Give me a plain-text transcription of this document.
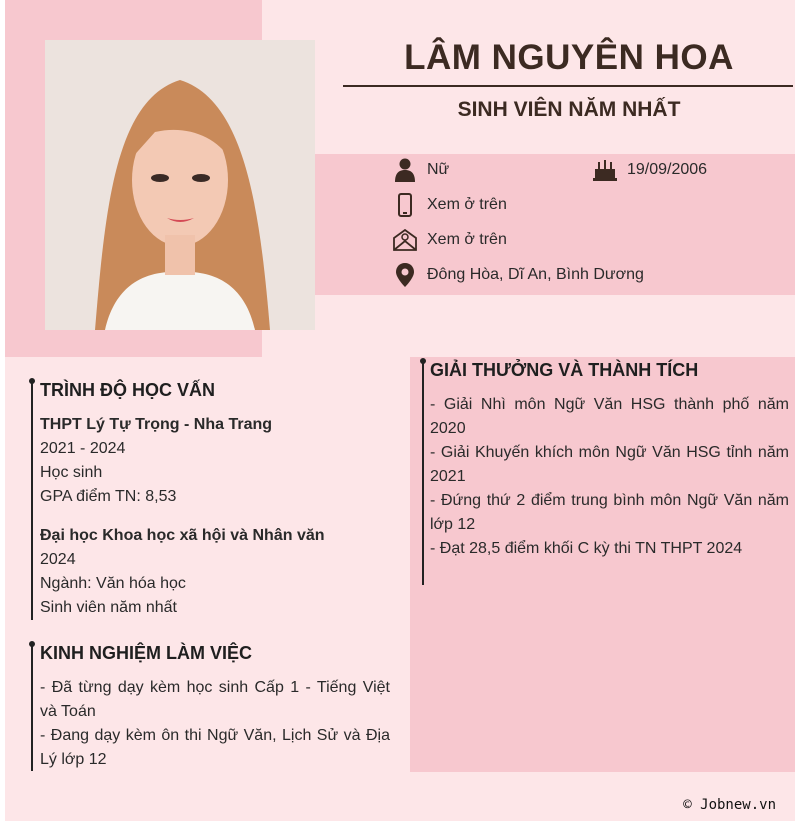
LÂM NGUYÊN HOA
SINH VIÊN NĂM NHẤT
Nữ	19/09/2006
Xem ở trên
Xem ở trên
Đông Hòa, Dĩ An, Bình Dương
TRÌNH ĐỘ HỌC VẤN
THPT Lý Tự Trọng - Nha Trang
2021 - 2024
Học sinh
GPA điểm TN: 8,53
Đại học Khoa học xã hội và Nhân văn
2024
Ngành: Văn hóa học
Sinh viên năm nhất
KINH NGHIỆM LÀM VIỆC
- Đã từng dạy kèm học sinh Cấp 1 - Tiếng Việt và Toán
- Đang dạy kèm ôn thi Ngữ Văn, Lịch Sử và Địa Lý lớp 12
GIẢI THƯỞNG VÀ THÀNH TÍCH
- Giải Nhì môn Ngữ Văn HSG thành phố năm 2020
- Giải Khuyến khích môn Ngữ Văn HSG tỉnh năm 2021
- Đứng thứ 2 điểm trung bình môn Ngữ Văn năm lớp 12
- Đạt 28,5 điểm khối C kỳ thi TN THPT 2024
© Jobnew.vn
